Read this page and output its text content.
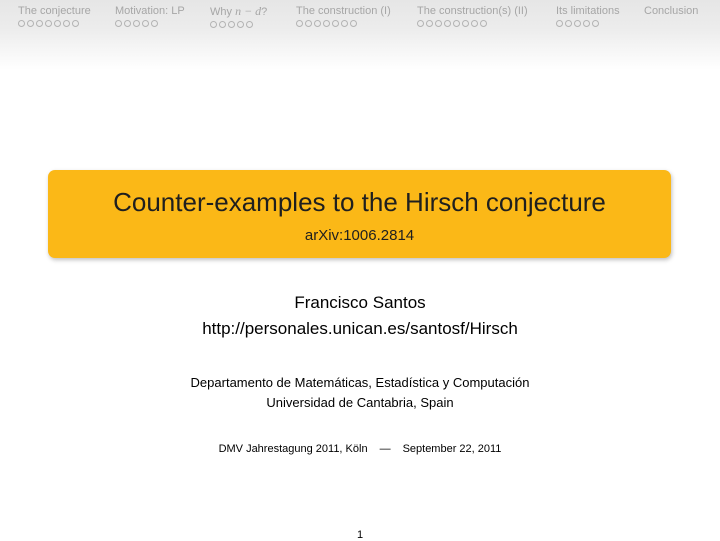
The conjecture Motivation: LP Why n − d?	The construction (I) The construction(s) (II)	Its limitations Conclusion
Counter-examples to the Hirsch conjecture
arXiv:1006.2814
Francisco Santos
http://personales.unican.es/santosf/Hirsch
Departamento de Matemáticas, Estadística y Computación
Universidad de Cantabria, Spain
DMV Jahrestagung 2011, Köln — September 22, 2011
1
